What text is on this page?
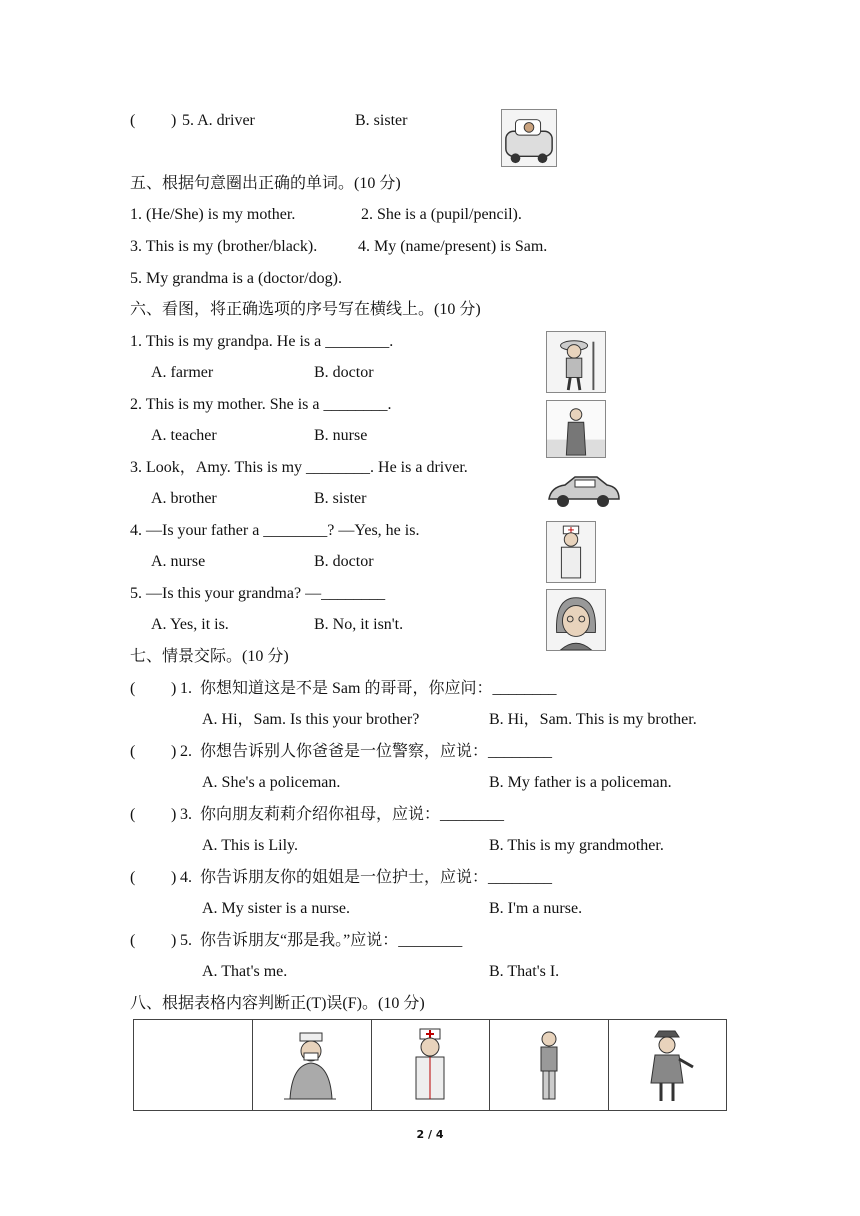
( ) 5. A. driver	B. sister
五、根据句意圈出正确的单词。(10 分)
1. (He/She) is my mother.	2. She is a (pupil/pencil).
3. This is my (brother/black).	4. My (name/present) is Sam.
5. My grandma is a (doctor/dog).
六、看图，将正确选项的序号写在横线上。(10 分)
1. This is my grandpa. He is a ________.
A. farmer	B. doctor
2. This is my mother. She is a ________.
A. teacher	B. nurse
3. Look，Amy. This is my ________. He is a driver.
A. brother	B. sister
4. —Is your father a ________? —Yes, he is.
A. nurse	B. doctor
5. —Is this your grandma? —________
A. Yes, it is.	B. No, it isn't.
七、情景交际。(10 分)
( ) 1.  你想知道这是不是 Sam 的哥哥，你应问：________
A. Hi，Sam. Is this your brother?	B. Hi，Sam. This is my brother.
( ) 2.  你想告诉别人你爸爸是一位警察，应说：________
A. She's a policeman.	B. My father is a policeman.
( ) 3.  你向朋友莉莉介绍你祖母，应说：________
A. This is Lily.	B. This is my grandmother.
( ) 4.  你告诉朋友你的姐姐是一位护士，应说：________
A. My sister is a nurse.	B. I'm a nurse.
( ) 5.  你告诉朋友“那是我。”应说：________
A. That's me.	B. That's I.
八、根据表格内容判断正(T)误(F)。(10 分)

2 / 4
